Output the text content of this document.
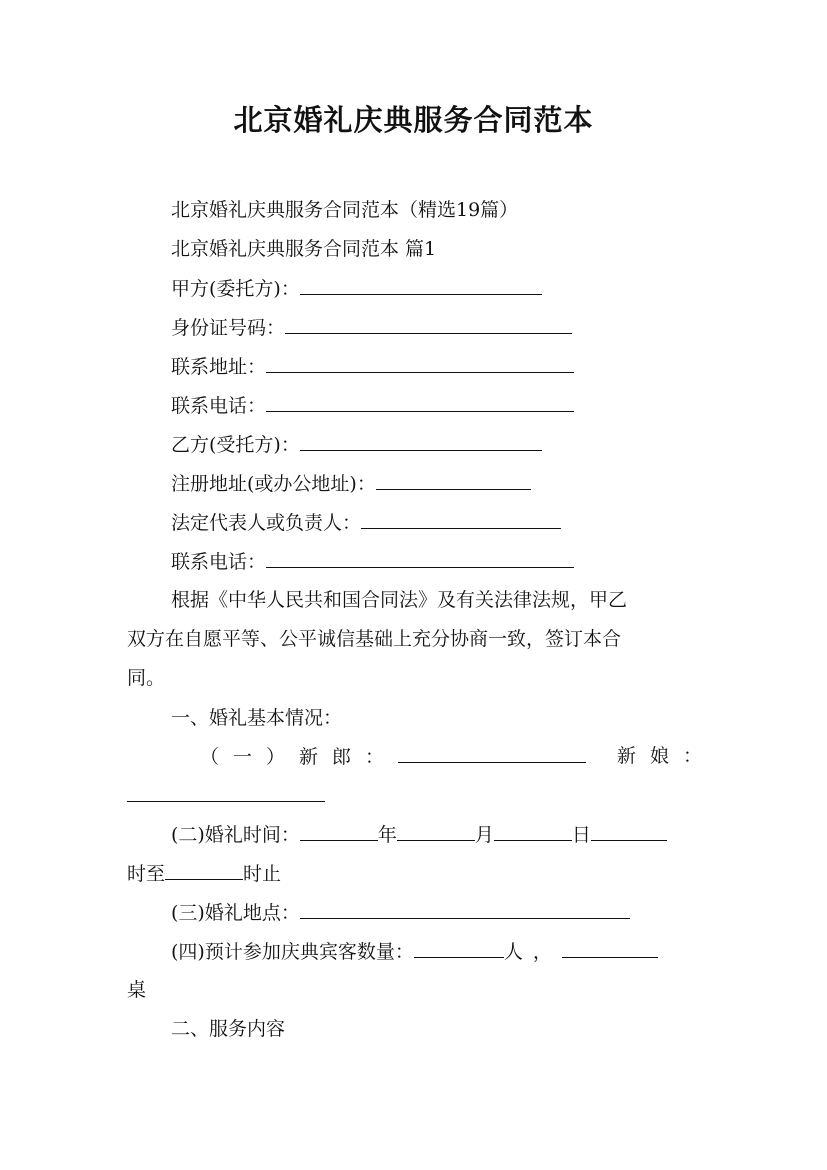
北京婚礼庆典服务合同范本
北京婚礼庆典服务合同范本（精选19篇）
北京婚礼庆典服务合同范本 篇1
甲方(委托方)：
身份证号码：
联系地址：
联系电话：
乙方(受托方)：
注册地址(或办公地址)：
法定代表人或负责人：
联系电话：
根据《中华人民共和国合同法》及有关法律法规，甲乙
双方在自愿平等、公平诚信基础上充分协商一致，签订本合
同。
一、婚礼基本情况：
（一）新郎：	新娘：
(二)婚礼时间：	年	月	日
时至	时止
(三)婚礼地点：
(四)预计参加庆典宾客数量：	人，
桌
二、服务内容
